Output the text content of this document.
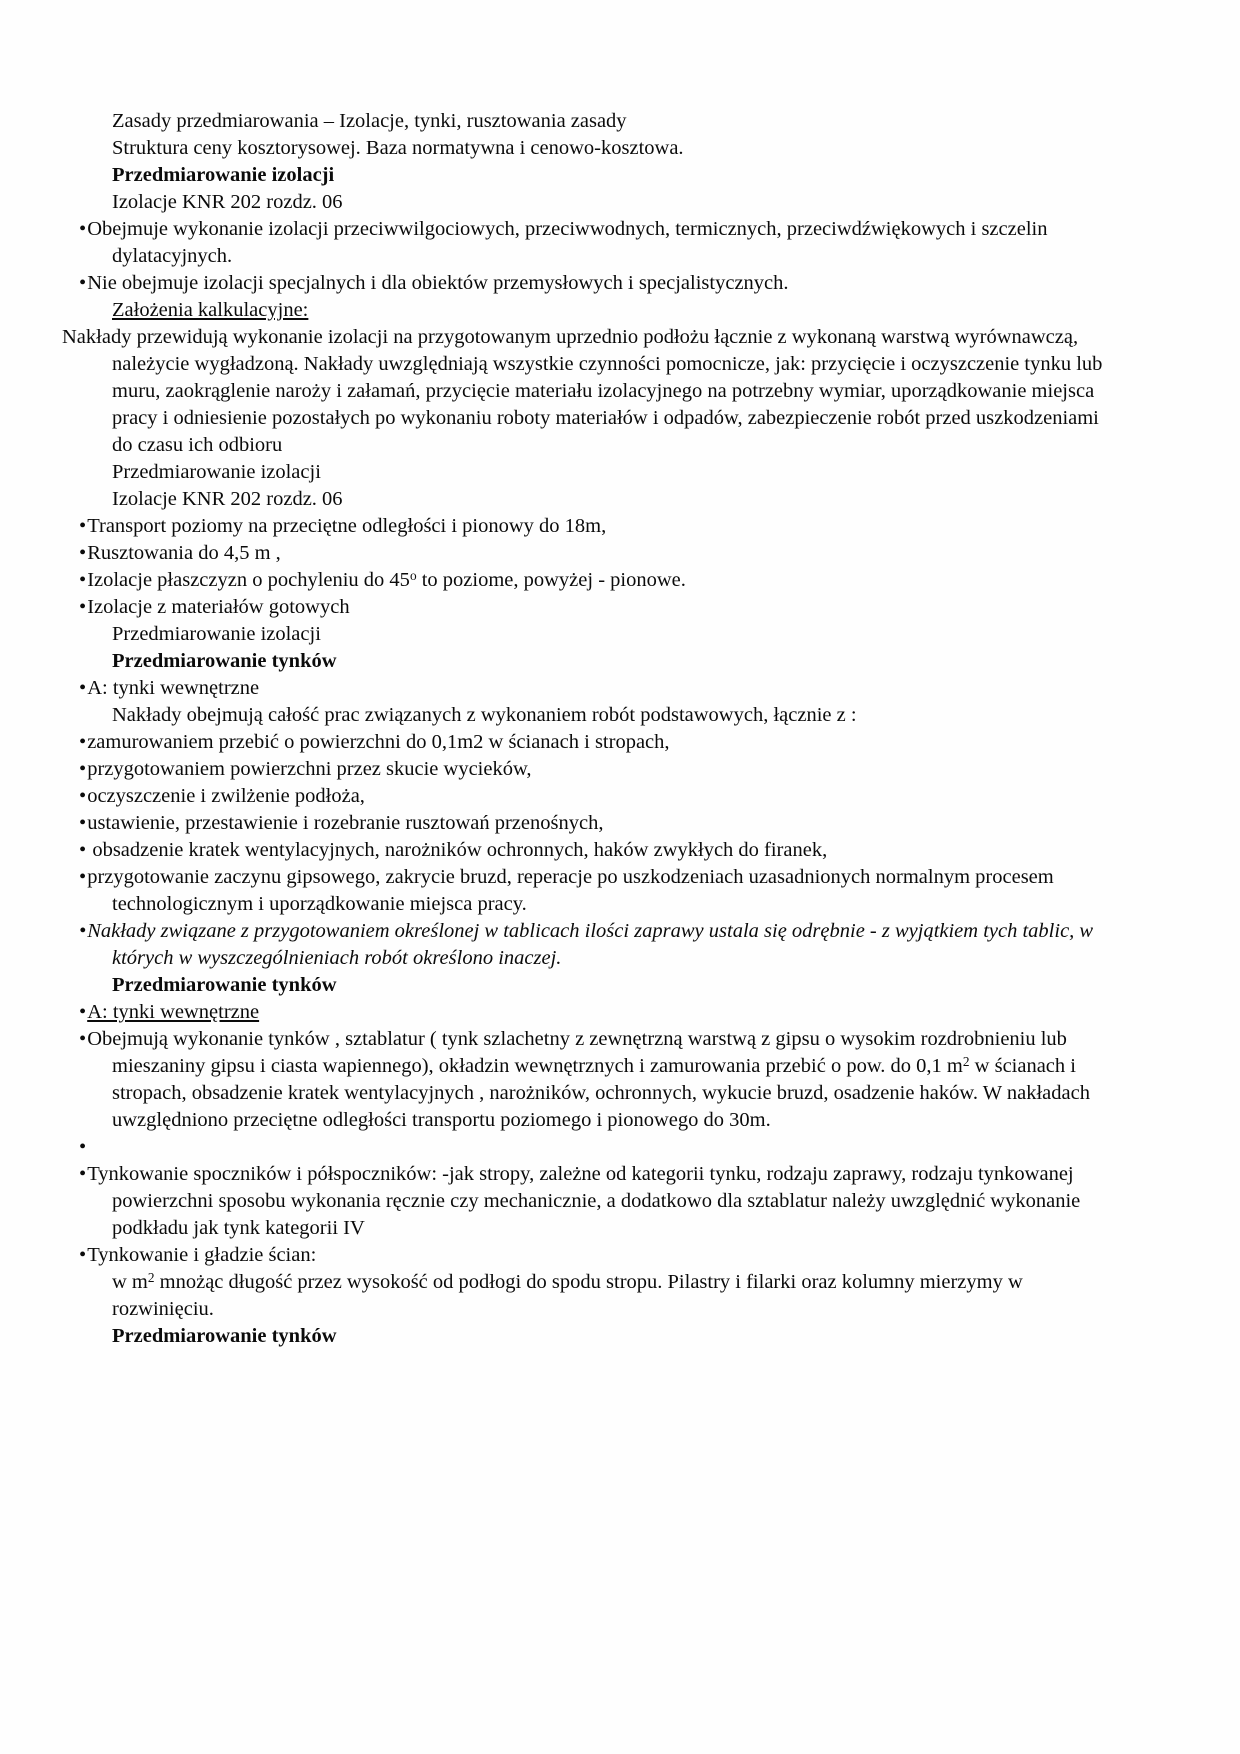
Zasady przedmiarowania – Izolacje, tynki, rusztowania zasady

Struktura ceny kosztorysowej. Baza normatywna i cenowo-kosztowa.

Przedmiarowanie izolacji

Izolacje KNR 202 rozdz. 06

•Obejmuje wykonanie izolacji przeciwwilgociowych, przeciwwodnych, termicznych, przeciwdźwiękowych i szczelin dylatacyjnych.

•Nie obejmuje izolacji specjalnych i dla obiektów przemysłowych i specjalistycznych.

Założenia kalkulacyjne:

Nakłady przewidują wykonanie izolacji na przygotowanym uprzednio podłożu łącznie z wykonaną warstwą wyrównawczą, należycie wygładzoną. Nakłady uwzględniają wszystkie czynności pomocnicze, jak: przycięcie i oczyszczenie tynku lub muru, zaokrąglenie naroży i załamań, przycięcie materiału izolacyjnego na potrzebny wymiar, uporządkowanie miejsca pracy i odniesienie pozostałych po wykonaniu roboty materiałów i odpadów, zabezpieczenie robót przed uszkodzeniami do czasu ich odbioru

Przedmiarowanie izolacji

Izolacje KNR 202 rozdz. 06

•Transport poziomy na przeciętne odległości i pionowy do 18m,

•Rusztowania do 4,5 m ,

•Izolacje płaszczyzn o pochyleniu do 45$^o$ to poziome, powyżej - pionowe.

•Izolacje z materiałów gotowych

Przedmiarowanie izolacji

Przedmiarowanie tynków

•A: tynki wewnętrzne

Nakłady obejmują całość prac związanych z wykonaniem robót podstawowych, łącznie z :

•zamurowaniem przebić o powierzchni do 0,1m2 w ścianach i stropach,

•przygotowaniem powierzchni przez skucie wycieków,

•oczyszczenie i zwilżenie podłoża,

•ustawienie, przestawienie i rozebranie rusztowań przenośnych,

• obsadzenie kratek wentylacyjnych, narożników ochronnych, haków zwykłych do firanek,

•przygotowanie zaczynu gipsowego, zakrycie bruzd, reperacje po uszkodzeniach uzasadnionych normalnym procesem technologicznym i uporządkowanie miejsca pracy.

•Nakłady związane z przygotowaniem określonej w tablicach ilości zaprawy ustala się odrębnie - z wyjątkiem tych tablic, w których w wyszczególnieniach robót określono inaczej.

Przedmiarowanie tynków

•A: tynki wewnętrzne

•Obejmują wykonanie tynków , sztablatur ( tynk szlachetny z zewnętrzną warstwą z gipsu o wysokim rozdrobnieniu lub mieszaniny gipsu i ciasta wapiennego), okładzin wewnętrznych i zamurowania przebić o pow. do 0,1 $m^2$ w ścianach i stropach, obsadzenie kratek wentylacyjnych , narożników, ochronnych, wykucie bruzd, osadzenie haków. W nakładach uwzględniono przeciętne odległości transportu poziomego i pionowego do 30m.

•

•Tynkowanie spoczników i półspoczników: -jak stropy, zależne od kategorii tynku, rodzaju zaprawy, rodzaju tynkowanej powierzchni sposobu wykonania ręcznie czy mechanicznie, a dodatkowo dla sztablatur należy uwzględnić wykonanie podkładu jak tynk kategorii IV

•Tynkowanie i gładzie ścian:

w $m^2$ mnożąc długość przez wysokość od podłogi do spodu stropu. Pilastry i filarki oraz kolumny mierzymy w rozwinięciu.

Przedmiarowanie tynków
